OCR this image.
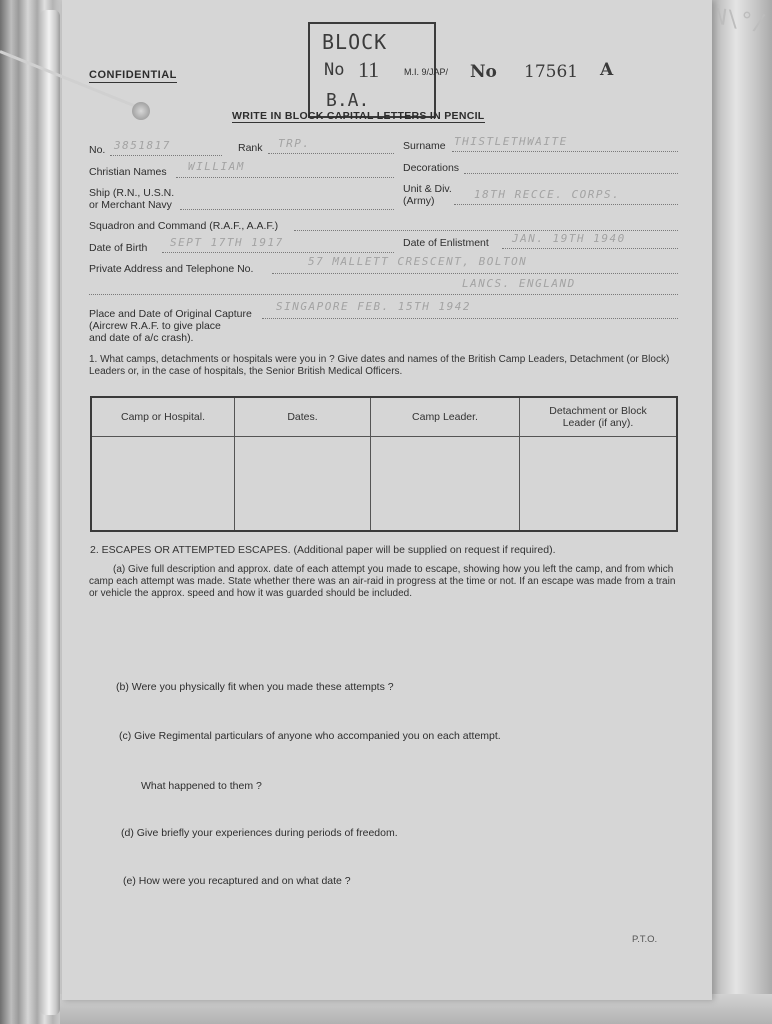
N\°/
CONFIDENTIAL
BLOCK
No 11
B.A.
M.I. 9/JAP/ No 17561 A
WRITE IN BLOCK CAPITAL LETTERS IN PENCIL
No. 3851817	Rank TRP.	Surname THISTLETHWAITE
Christian Names WILLIAM	Decorations
Ship (R.N., U.S.N.
or Merchant Navy
Unit & Div.
(Army)	18TH RECCE. CORPS.
Squadron and Command (R.A.F., A.A.F.)
Date of Birth SEPT 17TH 1917	Date of Enlistment JAN. 19TH 1940
Private Address and Telephone No.
57 MALLETT CRESCENT, BOLTON
LANCS. ENGLAND
Place and Date of Original Capture
(Aircrew R.A.F. to give place
and date of a/c crash).
SINGAPORE FEB. 15TH 1942
1. What camps, detachments or hospitals were you in ? Give dates and names of the British Camp Leaders, Detachment (or Block) Leaders or, in the case of hospitals, the Senior British Medical Officers.
Camp or Hospital.	Dates.	Camp Leader.	Detachment or Block Leader (if any).

2. ESCAPES OR ATTEMPTED ESCAPES. (Additional paper will be supplied on request if required).
(a) Give full description and approx. date of each attempt you made to escape, showing how you left the camp, and from which camp each attempt was made. State whether there was an air-raid in progress at the time or not. If an escape was made from a train or vehicle the approx. speed and how it was guarded should be included.
(b) Were you physically fit when you made these attempts ?
(c) Give Regimental particulars of anyone who accompanied you on each attempt.
What happened to them ?
(d) Give briefly your experiences during periods of freedom.
(e) How were you recaptured and on what date ?
P.T.O.
